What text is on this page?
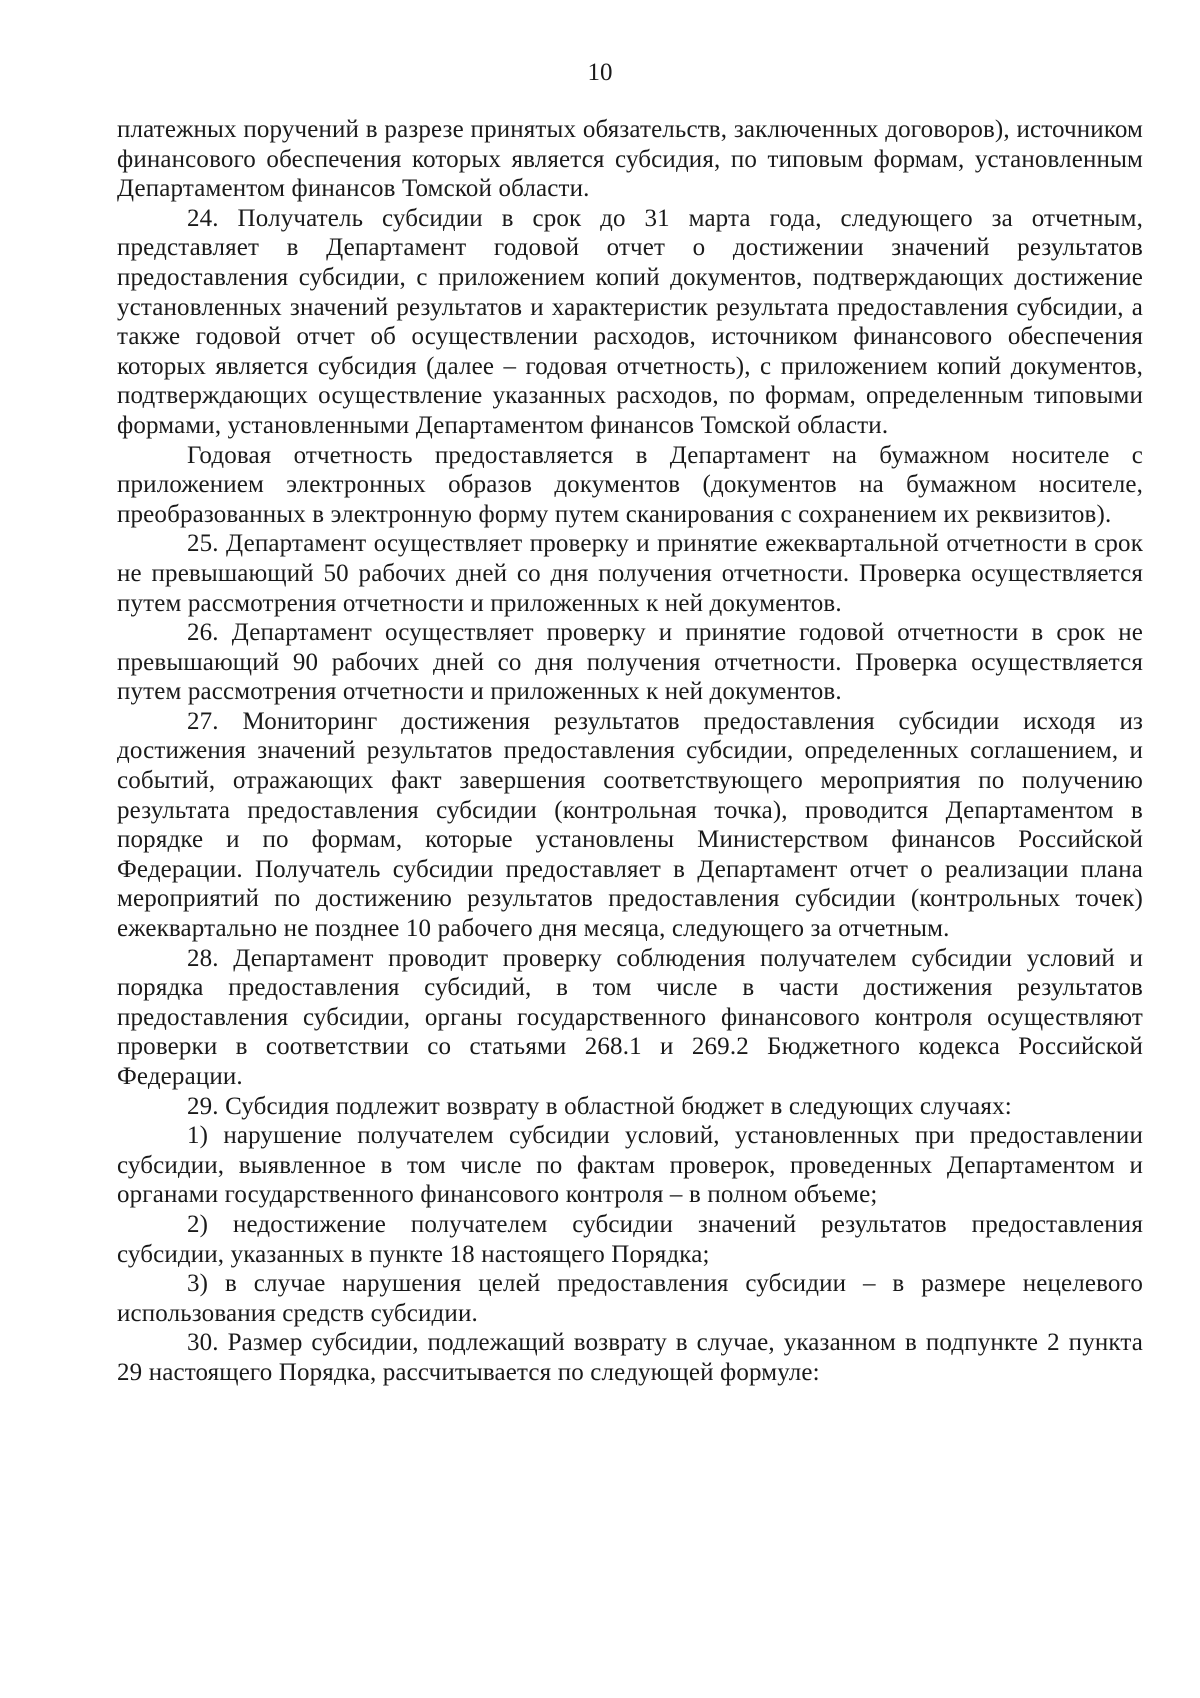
10

платежных поручений в разрезе принятых обязательств, заключенных договоров), источником финансового обеспечения которых является субсидия, по типовым формам, установленным Департаментом финансов Томской области.

24. Получатель субсидии в срок до 31 марта года, следующего за отчетным, представляет в Департамент годовой отчет о достижении значений результатов предоставления субсидии, с приложением копий документов, подтверждающих достижение установленных значений результатов и характеристик результата предоставления субсидии, а также годовой отчет об осуществлении расходов, источником финансового обеспечения которых является субсидия (далее – годовая отчетность), с приложением копий документов, подтверждающих осуществление указанных расходов, по формам, определенным типовыми формами, установленными Департаментом финансов Томской области.

Годовая отчетность предоставляется в Департамент на бумажном носителе с приложением электронных образов документов (документов на бумажном носителе, преобразованных в электронную форму путем сканирования с сохранением их реквизитов).

25. Департамент осуществляет проверку и принятие ежеквартальной отчетности в срок не превышающий 50 рабочих дней со дня получения отчетности. Проверка осуществляется путем рассмотрения отчетности и приложенных к ней документов.

26. Департамент осуществляет проверку и принятие годовой отчетности в срок не превышающий 90 рабочих дней со дня получения отчетности. Проверка осуществляется путем рассмотрения отчетности и приложенных к ней документов.

27. Мониторинг достижения результатов предоставления субсидии исходя из достижения значений результатов предоставления субсидии, определенных соглашением, и событий, отражающих факт завершения соответствующего мероприятия по получению результата предоставления субсидии (контрольная точка), проводится Департаментом в порядке и по формам, которые установлены Министерством финансов Российской Федерации. Получатель субсидии предоставляет в Департамент отчет о реализации плана мероприятий по достижению результатов предоставления субсидии (контрольных точек) ежеквартально не позднее 10 рабочего дня месяца, следующего за отчетным.

28. Департамент проводит проверку соблюдения получателем субсидии условий и порядка предоставления субсидий, в том числе в части достижения результатов предоставления субсидии, органы государственного финансового контроля осуществляют проверки в соответствии со статьями 268.1 и 269.2 Бюджетного кодекса Российской Федерации.

29. Субсидия подлежит возврату в областной бюджет в следующих случаях:

1) нарушение получателем субсидии условий, установленных при предоставлении субсидии, выявленное в том числе по фактам проверок, проведенных Департаментом и органами государственного финансового контроля – в полном объеме;

2) недостижение получателем субсидии значений результатов предоставления субсидии, указанных в пункте 18 настоящего Порядка;

3) в случае нарушения целей предоставления субсидии – в размере нецелевого использования средств субсидии.

30. Размер субсидии, подлежащий возврату в случае, указанном в подпункте 2 пункта 29 настоящего Порядка, рассчитывается по следующей формуле:
